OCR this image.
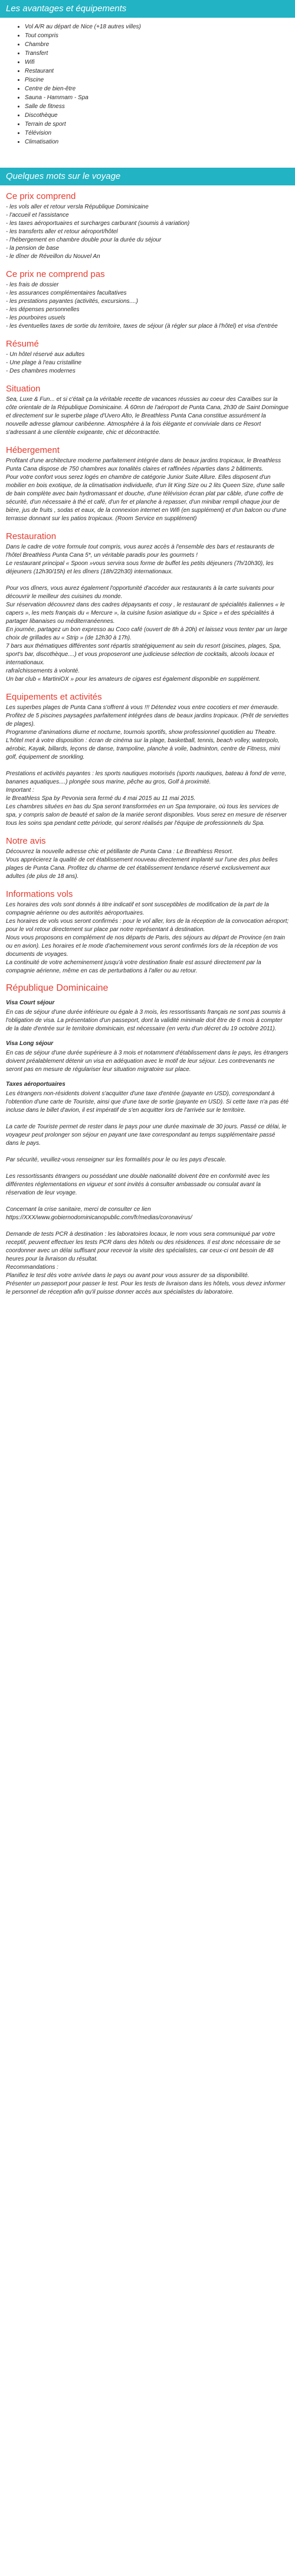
Les avantages et équipements
• Vol A/R au départ de Nice (+18 autres villes)
• Tout compris
• Chambre
• Transfert
• Wifi
• Restaurant
• Piscine
• Centre de bien-être
• Sauna - Hammam - Spa
• Salle de fitness
• Discothèque
• Terrain de sport
• Télévision
• Climatisation
Quelques mots sur le voyage
Ce prix comprend

- les vols aller et retour versla République Dominicaine
- l'accueil et l'assistance
- les taxes aéroportuaires et surcharges carburant (soumis à variation)
- les transferts aller et retour aéroport/hôtel
- l'hébergement en chambre double pour la durée du séjour
- la pension de base
- le dîner de Réveillon du Nouvel An

Ce prix ne comprend pas

- les frais de dossier
- les assurances complémentaires facultatives
- les prestations payantes (activités, excursions....)
- les dépenses personnelles
- les pourboires usuels
- les éventuelles taxes de sortie du territoire, taxes de séjour (à régler sur place à l'hôtel) et visa d'entrée

Résumé

- Un hôtel réservé aux adultes
- Une plage à l'eau cristalline
- Des chambres modernes

Situation

Sea, Luxe & Fun... et si c'était ça la véritable recette de vacances réussies au coeur des Caraïbes sur la côte orientale de la République Dominicaine. À 60mn de l'aéroport de Punta Cana, 2h30 de Saint Domingue et directement sur le superbe plage d'Uvero Alto, le Breathless Punta Cana constitue assurément la nouvelle adresse glamour caribéenne. Atmosphère à la fois élégante et conviviale dans ce Resort s'adressant à une clientèle exigeante, chic et décontractée.

Hébergement

Profitant d'une architecture moderne parfaitement intégrée dans de beaux jardins tropicaux, le Breathless Punta Cana dispose de 750 chambres aux tonalités claires et raffinées réparties dans 2 bâtiments.
Pour votre confort vous serez logés en chambre de catégorie Junior Suite Allure. Elles disposent d'un mobilier en bois exotique, de la climatisation individuelle, d'un lit King Size ou 2 lits Queen Size, d'une salle de bain complète avec bain hydromassant et douche, d'une télévision écran plat par câble, d'une coffre de sécurité, d'un nécessaire à thé et café, d'un fer et planche à repasser, d'un minibar rempli chaque jour de bière, jus de fruits , sodas et eaux, de la connexion internet en Wifi (en supplément) et d'un balcon ou d'une terrasse donnant sur les patios tropicaux. (Room Service en supplément)

Restauration

Dans le cadre de votre formule tout compris, vous aurez accès à l'ensemble des bars et restaurants de l'hôtel Breathless Punta Cana 5*, un véritable paradis pour les gourmets !
Le restaurant principal « Spoon »vous servira sous forme de buffet les petits déjeuners (7h/10h30), les déjeuners (12h30/15h) et les dîners (18h/22h30) internationaux.

Pour vos dîners, vous aurez également l'opportunité d'accéder aux restaurants à la carte suivants pour découvrir le meilleur des cuisines du monde.
Sur réservation découvrez dans des cadres dépaysants et cosy , le restaurant de spécialités italiennes « le capers », les mets français du « Mercure », la cuisine fusion asiatique du « Spice » et des spécialités à partager libanaises ou méditerranéennes.
En journée, partagez un bon expresso au Coco café (ouvert de 8h à 20h) et laissez vous tenter par un large choix de grillades au « Strip » (de 12h30 à 17h).
7 bars aux thématiques différentes sont répartis stratégiquement au sein du resort (piscines, plages, Spa, sport's bar, discothèque....) et vous proposeront une judicieuse sélection de cocktails, alcools locaux et internationaux.
rafraîchissements à volonté.
Un bar club « MartiniOX » pour les amateurs de cigares est également disponible en supplément.

Equipements et activités

Les superbes plages de Punta Cana s'offrent à vous !!! Détendez vous entre cocotiers et mer émeraude.
Profitez de 5 piscines paysagées parfaitement intégrées dans de beaux jardins tropicaux. (Prêt de serviettes de plages).
Programme d'animations diurne et nocturne, tournois sportifs, show professionnel quotidien au Theatre.
L'hôtel met à votre disposition : écran de cinéma sur la plage, basketball, tennis, beach volley, waterpolo, aérobic, Kayak, billards, leçons de danse, trampoline, planche à voile, badminton, centre de Fitness, mini golf, équipement de snorkling.

Prestations et activités payantes : les sports nautiques motorisés (sports nautiques, bateau à fond de verre, bananes aquatiques....) plongée sous marine, pêche au gros, Golf à proximité.
Important :
le Breathless Spa by Pevonia sera fermé du 4 mai 2015 au 11 mai 2015.
Les chambres situées en bas du Spa seront transformées en un Spa temporaire, où tous les services de spa, y compris salon de beauté et salon de la mariée seront disponibles. Vous serez en mesure de réserver tous les soins spa pendant cette période, qui seront réalisés par l'équipe de professionnels du Spa.

Notre avis

Découvrez la nouvelle adresse chic et pétillante de Punta Cana : Le Breathless Resort.
Vous apprécierez la qualité de cet établissement nouveau directement implanté sur l'une des plus belles plages de Punta Cana. Profitez du charme de cet établissement tendance réservé exclusivement aux adultes (de plus de 18 ans).

Informations vols

Les horaires des vols sont donnés à titre indicatif et sont susceptibles de modification de la part de la compagnie aérienne ou des autorités aéroportuaires.
Les horaires de vols vous seront confirmés : pour le vol aller, lors de la réception de la convocation aéroport; pour le vol retour directement sur place par notre représentant à destination.
Nous vous proposons en complément de nos départs de Paris, des séjours au départ de Province (en train ou en avion). Les horaires et le mode d'acheminement vous seront confirmés lors de la réception de vos documents de voyages.
La continuité de votre acheminement jusqu'à votre destination finale est assuré directement par la compagnie aérienne, même en cas de perturbations à l'aller ou au retour.

République Dominicaine
Visa Court séjour

En cas de séjour d'une durée inférieure ou égale à 3 mois, les ressortissants français ne sont pas soumis à l'obligation de visa. La présentation d'un passeport, dont la validité minimale doit être de 6 mois à compter de la date d'entrée sur le territoire dominicain, est nécessaire (en vertu d'un décret du 19 octobre 2011).

Visa Long séjour

En cas de séjour d'une durée supérieure à 3 mois et notamment d'établissement dans le pays, les étrangers doivent préalablement détenir un visa en adéquation avec le motif de leur séjour. Les contrevenants ne seront pas en mesure de régulariser leur situation migratoire sur place.

Taxes aéroportuaires

Les étrangers non-résidents doivent s'acquitter d'une taxe d'entrée (payante en USD), correspondant à l'obtention d'une carte de Touriste, ainsi que d'une taxe de sortie (payante en USD). Si cette taxe n'a pas été incluse dans le billet d'avion, il est impératif de s'en acquitter lors de l'arrivée sur le territoire.

La carte de Touriste permet de rester dans le pays pour une durée maximale de 30 jours. Passé ce délai, le voyageur peut prolonger son séjour en payant une taxe correspondant au temps supplémentaire passé dans le pays.

Par sécurité, veuillez-vous renseigner sur les formalités pour le ou les pays d'escale.

Les ressortissants étrangers ou possédant une double nationalité doivent être en conformité avec les différentes réglementations en vigueur et sont invités à consulter ambassade ou consulat avant la réservation de leur voyage.

Concernant la crise sanitaire, merci de consulter ce lien https://XXX/www.gobiernodominicanopublic.com/fr/medias/coronavirus/

Demande de tests PCR à destination : les laboratoires locaux, le nom vous sera communiqué par votre receptif, peuvent effectuer les tests PCR dans des hôtels ou des résidences. Il est donc nécessaire de se coordonner avec un délai suffisant pour recevoir la visite des spécialistes, car ceux-ci ont besoin de 48 heures pour la livraison du résultat.
Recommandations :
Planifiez le test dès votre arrivée dans le pays ou avant pour vous assurer de sa disponibilité.
Présenter un passeport pour passer le test. Pour les tests de livraison dans les hôtels, vous devez informer le personnel de réception afin qu'il puisse donner accès aux spécialistes du laboratoire.
